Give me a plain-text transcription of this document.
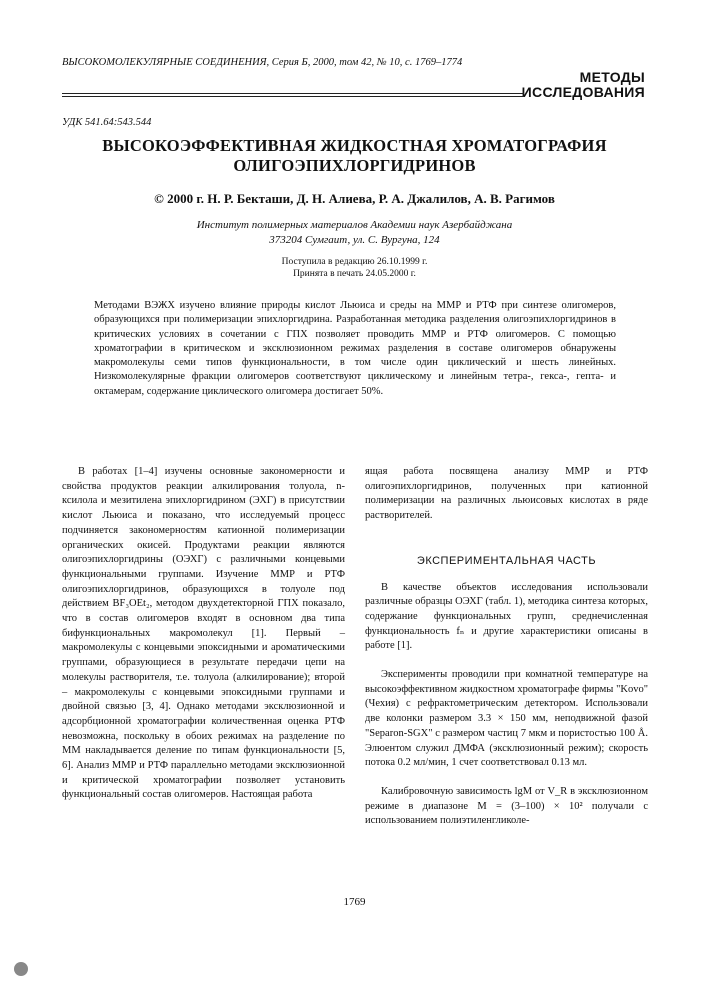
ВЫСОКОМОЛЕКУЛЯРНЫЕ СОЕДИНЕНИЯ, Серия Б, 2000, том 42, № 10, с. 1769–1774
МЕТОДЫ
ИССЛЕДОВАНИЯ
УДК 541.64:543.544
ВЫСОКОЭФФЕКТИВНАЯ ЖИДКОСТНАЯ ХРОМАТОГРАФИЯ
ОЛИГОЭПИХЛОРГИДРИНОВ
© 2000 г. Н. Р. Бекташи, Д. Н. Алиева, Р. А. Джалилов, А. В. Рагимов
Институт полимерных материалов Академии наук Азербайджана
373204 Сумгаит, ул. С. Вургуна, 124
Поступила в редакцию 26.10.1999 г.
Принята в печать 24.05.2000 г.
Методами ВЭЖХ изучено влияние природы кислот Льюиса и среды на ММР и РТФ при синтезе олигомеров, образующихся при полимеризации эпихлоргидрина. Разработанная методика разделения олигоэпихлоргидринов в критических условиях в сочетании с ГПХ позволяет проводить ММР и РТФ олигомеров. С помощью хроматографии в критическом и эксклюзионном режимах разделения в составе олигомеров обнаружены макромолекулы семи типов функциональности, в том числе один циклический и шесть линейных. Низкомолекулярные фракции олигомеров соответствуют циклическому и линейным тетра-, гекса-, гепта- и октамерам, содержание циклического олигомера достигает 50%.

В работах [1–4] изучены основные закономерности и свойства продуктов реакции алкилирования толуола, n-ксилола и мезитилена эпихлоргидрином (ЭХГ) в присутствии кислот Льюиса и показано, что исследуемый процесс подчиняется закономерностям катионной полимеризации органических окисей. Продуктами реакции являются олигоэпихлоргидрины (ОЭХГ) с различными концевыми функциональными группами. Изучение ММР и РТФ олигоэпихлоргидринов, образующихся в толуоле под действием BF₃OEt₂, методом двухдетекторной ГПХ показало, что в состав олигомеров входят в основном два типа бифункциональных макромолекул [1]. Первый – макромолекулы с концевыми эпоксидными и ароматическими группами, образующиеся в результате передачи цепи на молекулы растворителя, т.е. толуола (алкилирование); второй – макромолекулы с концевыми эпоксидными группами и двойной связью [3, 4]. Однако методами эксклюзионной и адсорбционной хроматографии количественная оценка РТФ невозможна, поскольку в обоих режимах на разделение по ММ накладывается деление по типам функциональности [5, 6]. Анализ ММР и РТФ параллельно методами эксклюзионной и критической хроматографии позволяет установить функциональный состав олигомеров. Настоящая работа

ящая работа посвящена анализу ММР и РТФ олигоэпихлоргидринов, полученных при катионной полимеризации на различных льюисовых кислотах в ряде растворителей.

ЭКСПЕРИМЕНТАЛЬНАЯ ЧАСТЬ

В качестве объектов исследования использовали различные образцы ОЭХГ (табл. 1), методика синтеза которых, содержание функциональных групп, среднечисленная функциональность fₙ и другие характеристики описаны в работе [1].

Эксперименты проводили при комнатной температуре на высокоэффективном жидкостном хроматографе фирмы "Kovo" (Чехия) с рефрактометрическим детектором. Использовали две колонки размером 3.3 × 150 мм, неподвижной фазой "Separon-SGX" с размером частиц 7 мкм и пористостью 100 Å. Элюентом служил ДМФА (эксклюзионный режим); скорость потока 0.2 мл/мин, 1 счет соответствовал 0.13 мл.

Калибровочную зависимость lgM от V_R в эксклюзионном режиме в диапазоне M = (3–100) × 10² получали с использованием полиэтиленгликоле-

1769
